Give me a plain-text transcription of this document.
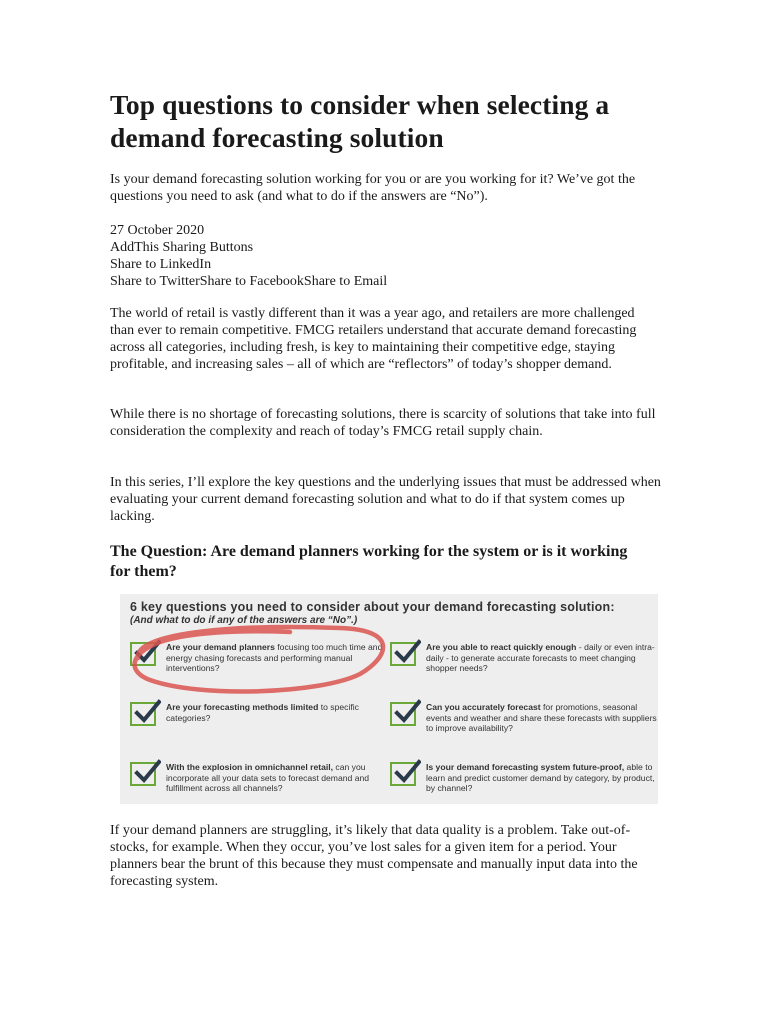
Top questions to consider when selecting a demand forecasting solution

Is your demand forecasting solution working for you or are you working for it? We’ve got the questions you need to ask (and what to do if the answers are “No”).

27 October 2020

AddThis Sharing Buttons

Share to LinkedIn

Share to TwitterShare to FacebookShare to Email

The world of retail is vastly different than it was a year ago, and retailers are more challenged than ever to remain competitive. FMCG retailers understand that accurate demand forecasting across all categories, including fresh, is key to maintaining their competitive edge, staying profitable, and increasing sales – all of which are “reflectors” of today’s shopper demand.

While there is no shortage of forecasting solutions, there is scarcity of solutions that take into full consideration the complexity and reach of today’s FMCG retail supply chain.

In this series, I’ll explore the key questions and the underlying issues that must be addressed when evaluating your current demand forecasting solution and what to do if that system comes up lacking.

The Question: Are demand planners working for the system or is it working for them?

If your demand planners are struggling, it’s likely that data quality is a problem. Take out-of-stocks, for example. When they occur, you’ve lost sales for a given item for a period. Your planners bear the brunt of this because they must compensate and manually input data into the forecasting system.

6 key questions you need to consider about your demand forecasting solution:
(And what to do if any of the answers are “No”.)
Are your demand planners focusing too much time and energy chasing forecasts and performing manual interventions?
Are you able to react quickly enough - daily or even intra-daily - to generate accurate forecasts to meet changing shopper needs?
Are your forecasting methods limited to specific categories?
Can you accurately forecast for promotions, seasonal events and weather and share these forecasts with suppliers to improve availability?
With the explosion in omnichannel retail, can you incorporate all your data sets to forecast demand and fulfillment across all channels?
Is your demand forecasting system future-proof, able to learn and predict customer demand by category, by product, by channel?
